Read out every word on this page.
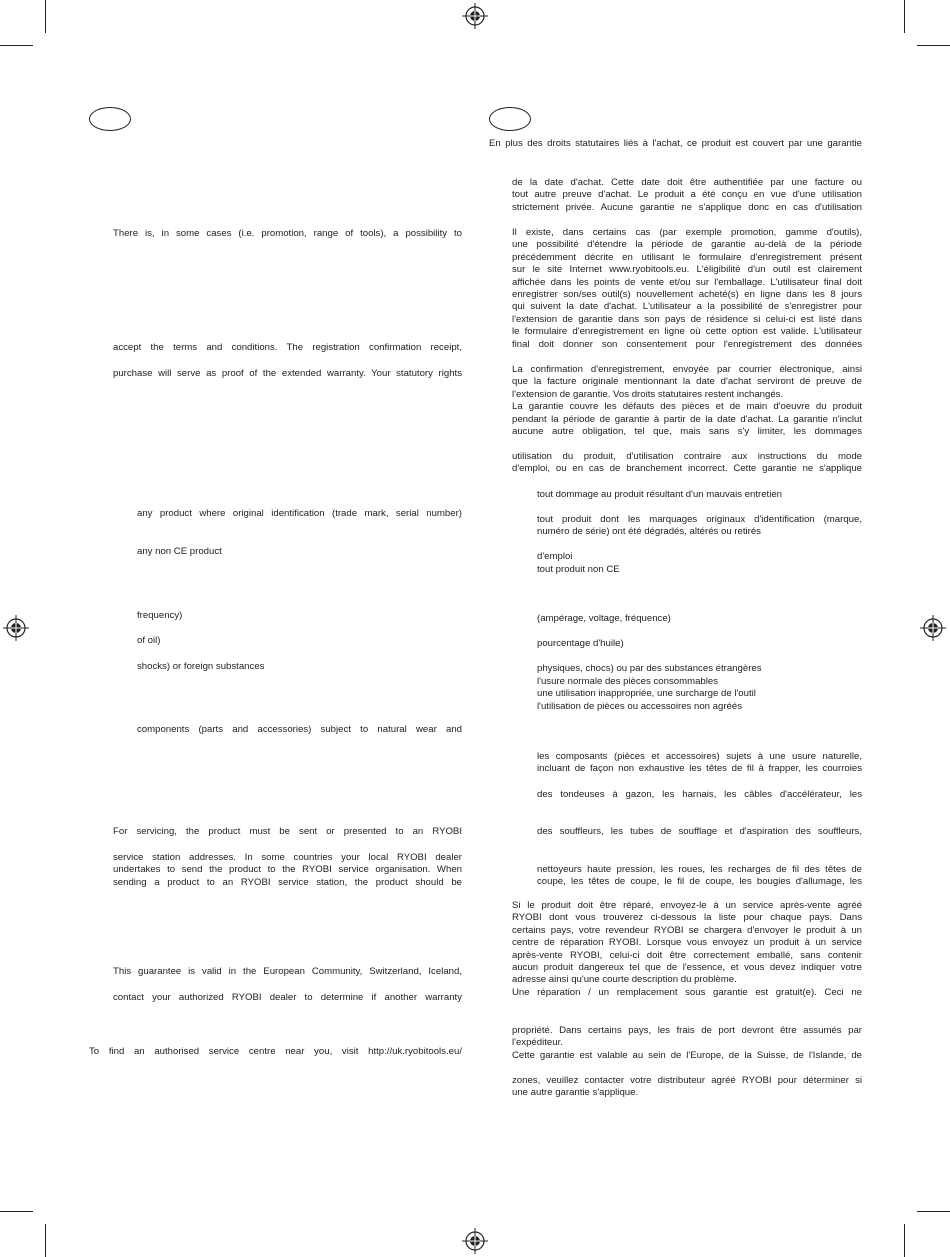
There is, in some cases (i.e. promotion, range of tools), a possibility to
accept the terms and conditions. The registration confirmation receipt,
purchase will serve as proof of the extended warranty. Your statutory rights
any product where original identification (trade mark, serial number)
any non CE product
frequency)
of oil)
shocks) or foreign substances
components (parts and accessories) subject to natural wear and
For servicing, the product must be sent or presented to an RYOBI
service station addresses. In some countries your local RYOBI dealer
undertakes to send the product to the RYOBI service organisation. When
sending a product to an RYOBI service station, the product should be
This guarantee is valid in the European Community, Switzerland, Iceland,
contact your authorized RYOBI dealer to determine if another warranty
To find an authorised service centre near you, visit http://uk.ryobitools.eu/
En plus des droits statutaires liés à l'achat, ce produit est couvert par une garantie
de la date d'achat. Cette date doit être authentifiée par une facture ou
tout autre preuve d'achat. Le produit a été conçu en vue d'une utilisation
strictement privée. Aucune garantie ne s'applique donc en cas d'utilisation
Il existe, dans certains cas (par exemple promotion, gamme d'outils),
une possibilité d'étendre la période de garantie au-delà de la période
précédemment décrite en utilisant le formulaire d'enregistrement présent
sur le site Internet www.ryobitools.eu. L'éligibilité d'un outil est clairement
affichée dans les points de vente et/ou sur l'emballage. L'utilisateur final doit
enregistrer son/ses outil(s) nouvellement acheté(s) en ligne dans les 8 jours
qui suivent la date d'achat. L'utilisateur a la possibilité de s'enregistrer pour
l'extension de garantie dans son pays de résidence si celui-ci est listé dans
le formulaire d'enregistrement en ligne où cette option est valide. L'utilisateur
final doit donner son consentement pour l'enregistrement des données
La confirmation d'enregistrement, envoyée par courrier électronique, ainsi
que la facture originale mentionnant la date d'achat serviront de preuve de
l'extension de garantie. Vos droits statutaires restent inchangés.
La garantie couvre les défauts des pièces et de main d'oeuvre du produit
pendant la période de garantie à partir de la date d'achat. La garantie n'inclut
aucune autre obligation, tel que, mais sans s'y limiter, les dommages
utilisation du produit, d'utilisation contraire aux instructions du mode
d'emploi, ou en cas de branchement incorrect. Cette garantie ne s'applique
tout dommage au produit résultant d'un mauvais entretien
tout produit dont les marquages originaux d'identification (marque,
numéro de série) ont été dégradés, altérés ou retirés
d'emploi
tout produit non CE
(ampérage, voltage, fréquence)
pourcentage d'huile)
physiques, chocs) ou par des substances étrangères
l'usure normale des pièces consommables
une utilisation inappropriée, une surcharge de l'outil
l'utilisation de pièces ou accessoires non agréés
les composants (pièces et accessoires) sujets à une usure naturelle,
incluant de façon non exhaustive les têtes de fil à frapper, les courroies
des tondeuses à gazon, les harnais, les câbles d'accélérateur, les
des souffleurs, les tubes de soufflage et d'aspiration des souffleurs,
nettoyeurs haute pression, les roues, les recharges de fil des têtes de
coupe, les têtes de coupe, le fil de coupe, les bougies d'allumage, les
Si le produit doit être réparé, envoyez-le à un service après-vente agréé
RYOBI dont vous trouverez ci-dessous la liste pour chaque pays. Dans
certains pays, votre revendeur RYOBI se chargera d'envoyer le produit à un
centre de réparation RYOBI. Lorsque vous envoyez un produit à un service
après-vente RYOBI, celui-ci doit être correctement emballé, sans contenir
aucun produit dangereux tel que de l'essence, et vous devez indiquer votre
adresse ainsi qu'une courte description du problème.
Une réparation / un remplacement sous garantie est gratuit(e). Ceci ne
propriété. Dans certains pays, les frais de port devront être assumés par
l'expéditeur.
Cette garantie est valable au sein de l'Europe, de la Suisse, de l'Islande, de
zones, veuillez contacter votre distributeur agréé RYOBI pour déterminer si
une autre garantie s'applique.
